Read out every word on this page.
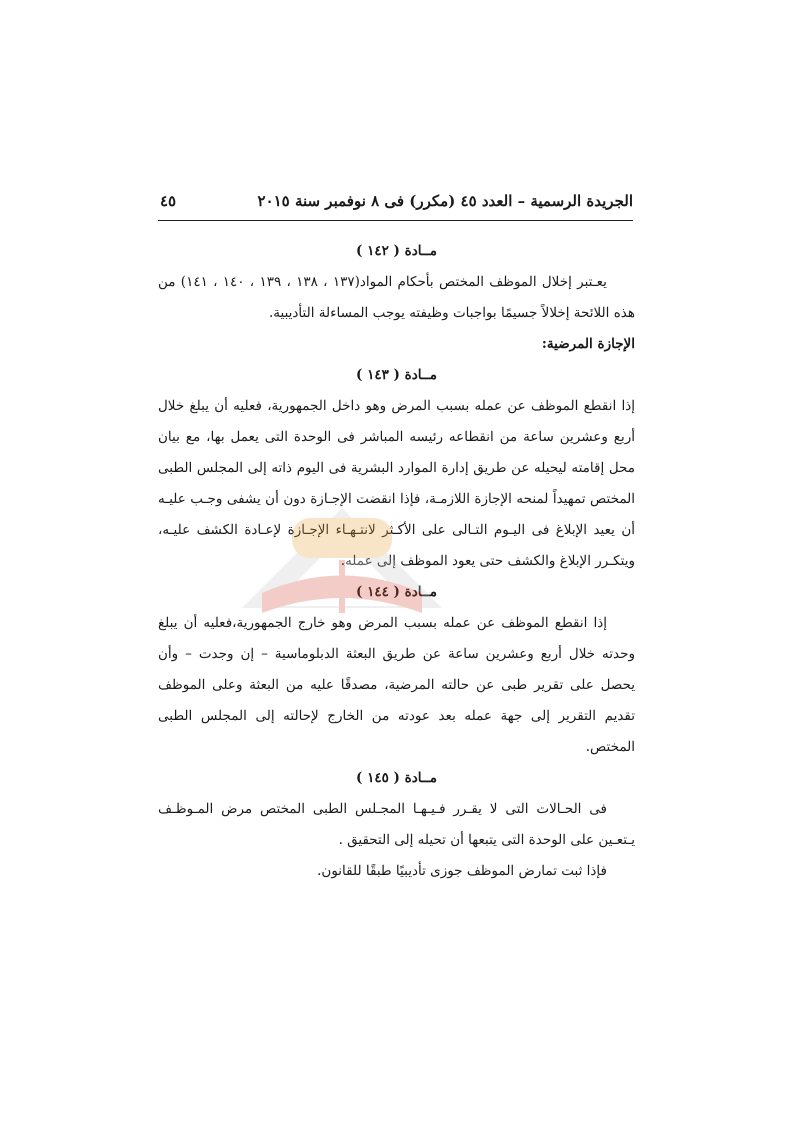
الجريدة الرسمية – العدد ٤٥ (مكرر) فى ٨ نوفمبر سنة ٢٠١٥
٤٥
مــادة ( ١٤٢ )

يعـتبر إخلال الموظف المختص بأحكام المواد(١٣٧ ، ١٣٨ ، ١٣٩ ، ١٤٠ ، ١٤١) من هذه اللائحة إخلالاً جسيمًا بواجبات وظيفته يوجب المساءلة التأديبية.

الإجازة المرضية:
مــادة ( ١٤٣ )

إذا انقطع الموظف عن عمله بسبب المرض وهو داخل الجمهورية، فعليه أن يبلغ خلال أربع وعشرين ساعة من انقطاعه رئيسه المباشر فى الوحدة التى يعمل بها، مع بيان محل إقامته ليحيله عن طريق إدارة الموارد البشرية فى اليوم ذاته إلى المجلس الطبى المختص تمهيداً لمنحه الإجازة اللازمـة، فإذا انقضت الإجـازة دون أن يشفى وجـب عليـه أن يعيد الإبلاغ فى اليـوم التـالى على الأكـثر لانتـهـاء الإجـازة لإعـادة الكشف عليـه، ويتكـرر الإبلاغ والكشف حتى يعود الموظف إلى عمله.

مــادة ( ١٤٤ )

إذا انقطع الموظف عن عمله بسبب المرض وهو خارج الجمهورية،فعليه أن يبلغ وحدته خلال أربع وعشرين ساعة عن طريق البعثة الدبلوماسية – إن وجدت – وأن يحصل على تقرير طبى عن حالته المرضية، مصدقًا عليه من البعثة وعلى الموظف تقديم التقرير إلى جهة عمله بعد عودته من الخارج لإحالته إلى المجلس الطبى المختص.

مــادة ( ١٤٥ )

فى الحـالات التى لا يقـرر فـيـهـا المجـلس الطبى المختص مرض المـوظـف يـتعـين على الوحدة التى يتبعها أن تحيله إلى التحقيق .

فإذا ثبت تمارض الموظف جوزى تأديبيًا طبقًا للقانون.
